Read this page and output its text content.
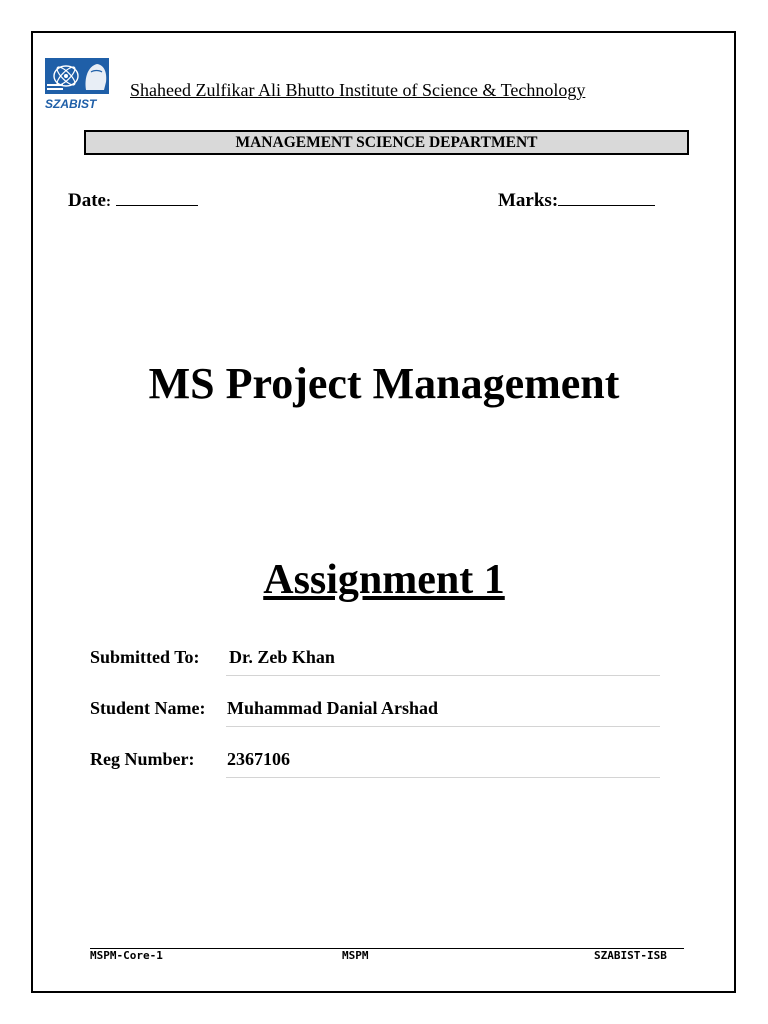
SZABIST
Shaheed Zulfikar Ali Bhutto Institute of Science & Technology
MANAGEMENT SCIENCE DEPARTMENT
Date:	Marks:
MS Project Management
Assignment 1
Submitted To: Dr. Zeb Khan
Student Name: Muhammad Danial Arshad
Reg Number: 2367106
MSPM-Core-1	MSPM	SZABIST-ISB
